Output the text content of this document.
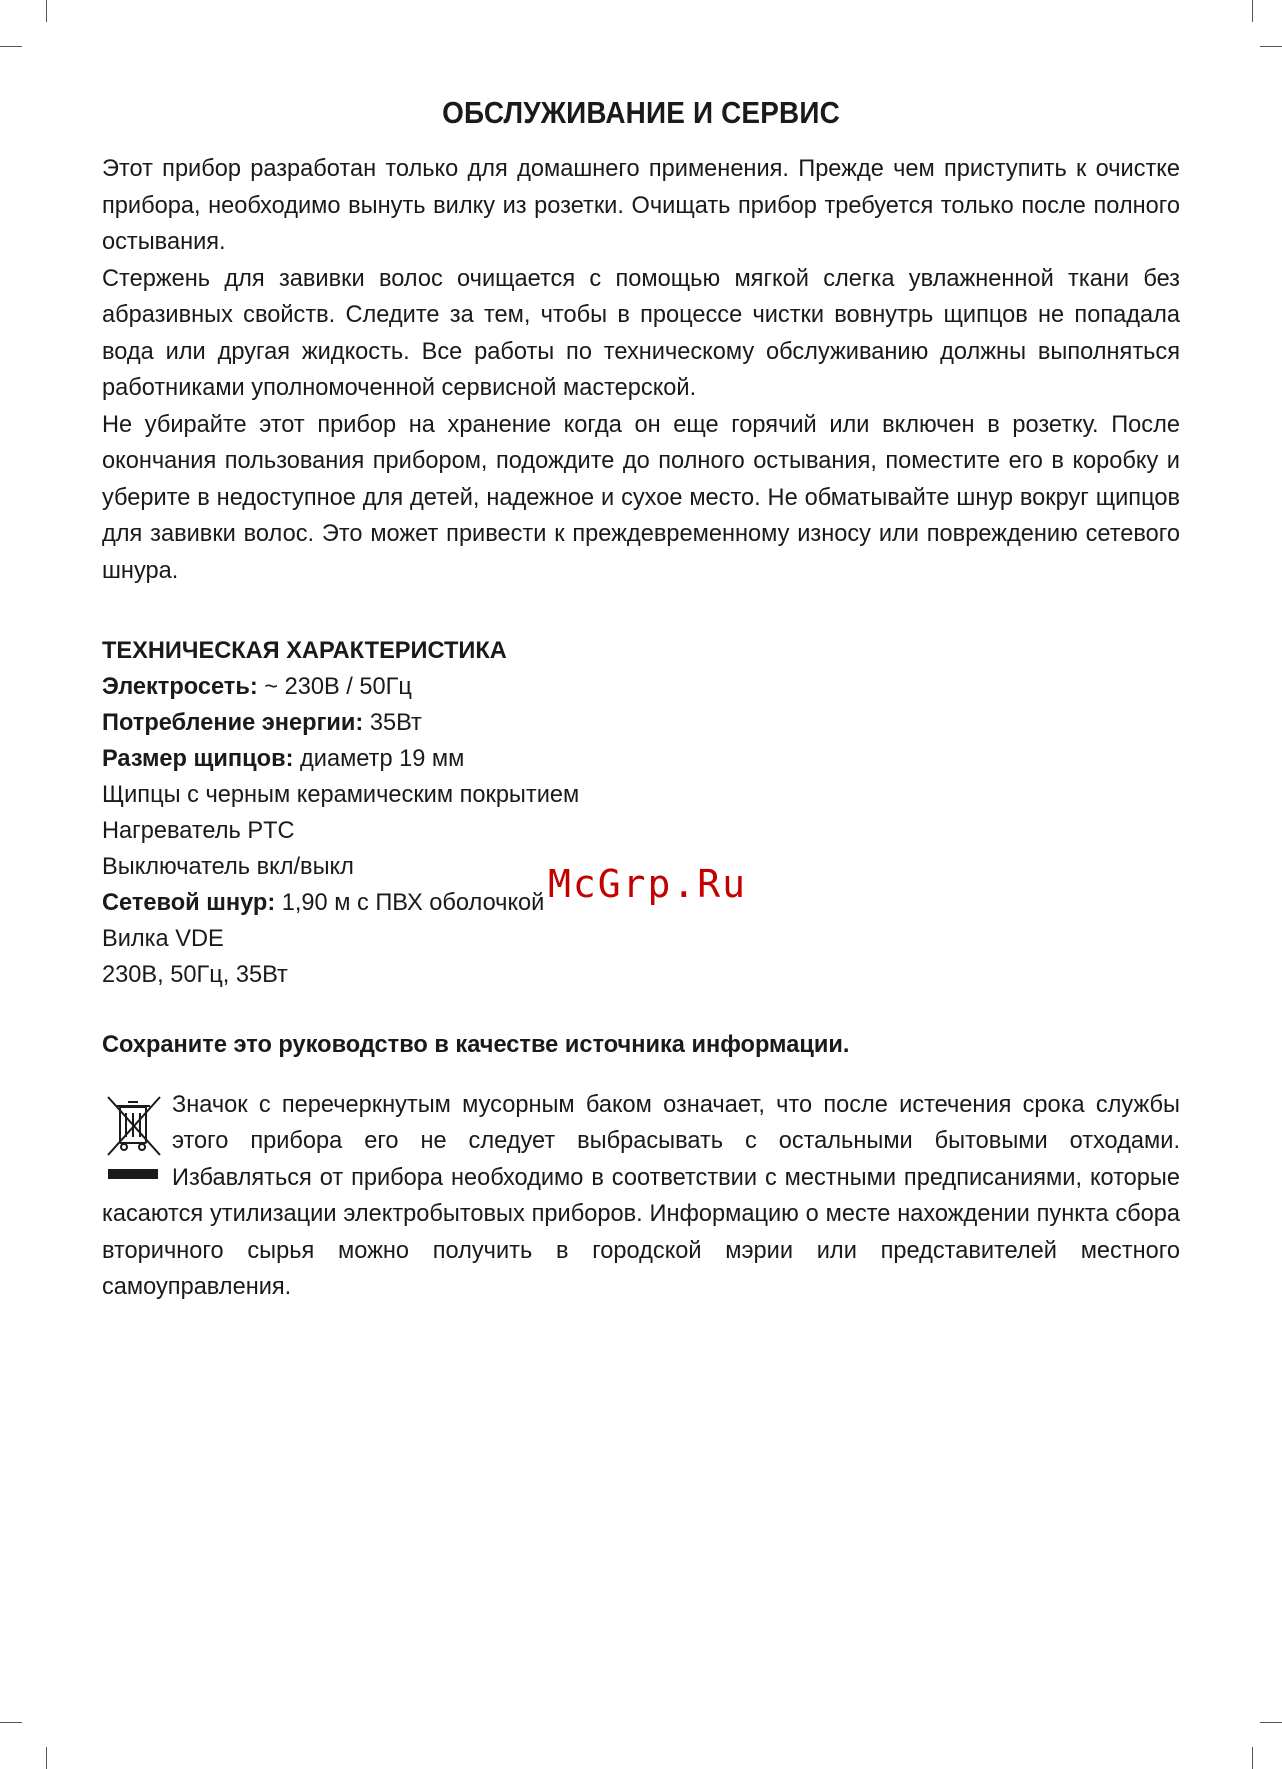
ОБСЛУЖИВАНИЕ И СЕРВИС

Этот прибор разработан только для домашнего применения. Прежде чем приступить к очистке прибора, необходимо вынуть вилку из розетки. Очищать прибор требуется только после полного остывания.

Стержень для завивки волос очищается с помощью мягкой слегка увлажненной ткани без абразивных свойств. Следите за тем, чтобы в процессе чистки вовнутрь щипцов не попадала вода или другая жидкость. Все работы по техническому обслуживанию должны выполняться работниками уполномоченной сервисной мастерской.

Не убирайте этот прибор на хранение когда он еще горячий или включен в розетку. После окончания пользования прибором, подождите до полного остывания, поместите его в коробку и уберите в недоступное для детей, надежное и сухое место. Не обматывайте шнур вокруг щипцов для завивки волос. Это может привести к преждевременному износу или повреждению сетевого шнура.

ТЕХНИЧЕСКАЯ ХАРАКТЕРИСТИКА

Электросеть: ~ 230В / 50Гц

Потребление энергии: 35Вт

Размер щипцов: диаметр 19 мм

Щипцы с черным керамическим покрытием

Нагреватель PTC

Выключатель вкл/выкл

Сетевой шнур: 1,90 м с ПВХ оболочкой

Вилка VDE

230В, 50Гц, 35Вт

Сохраните это руководство в качестве источника информации.

Значок с перечеркнутым мусорным баком означает, что после истечения срока службы этого прибора его не следует выбрасывать с остальными бытовыми отходами. Избавляться от прибора необходимо в соответствии с местными предписаниями, которые касаются утилизации электробытовых приборов. Информацию о месте нахождении пункта сбора вторичного сырья можно получить в городской мэрии или представителей местного самоуправления.
McGrp.Ru
